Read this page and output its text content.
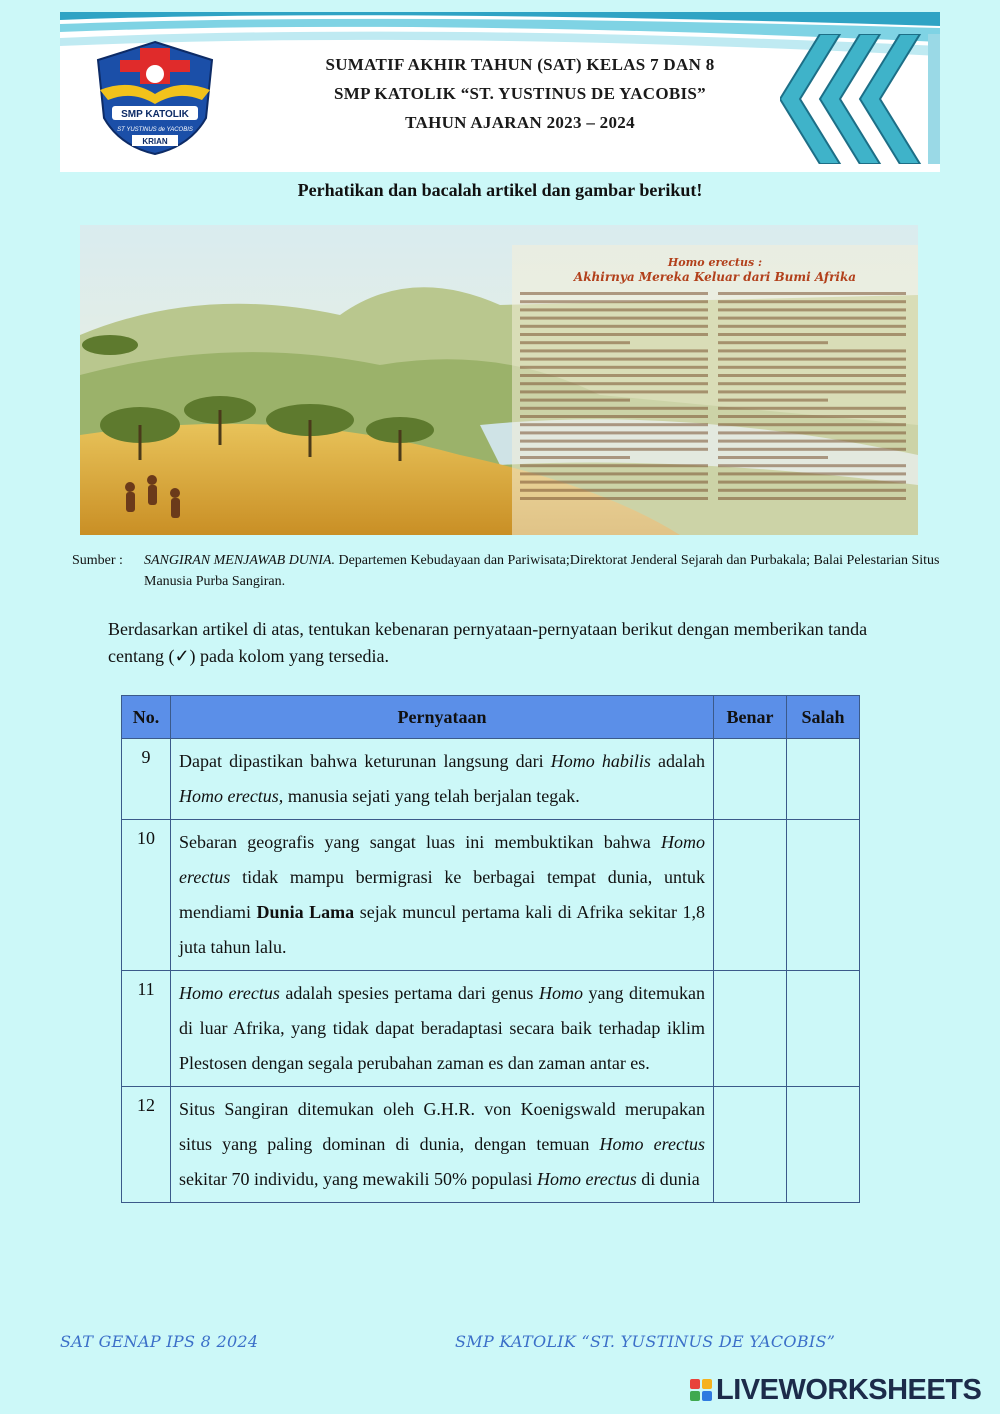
SMP KATOLIK
ST YUSTINUS de YACOBIS
KRIAN
SUMATIF AKHIR TAHUN (SAT) KELAS 7 DAN 8
SMP KATOLIK “ST. YUSTINUS DE YACOBIS”
TAHUN AJARAN 2023 – 2024
Perhatikan dan bacalah artikel dan gambar berikut!
Homo erectus :
Akhirnya Mereka Keluar dari Bumi Afrika
Sumber : SANGIRAN MENJAWAB DUNIA. Departemen Kebudayaan dan Pariwisata;Direktorat Jenderal Sejarah dan Purbakala; Balai Pelestarian Situs Manusia Purba Sangiran.
Berdasarkan artikel di atas, tentukan kebenaran pernyataan-pernyataan berikut dengan memberikan tanda centang (✓) pada kolom yang tersedia.
No.	Pernyataan	Benar	Salah
9	Dapat dipastikan bahwa keturunan langsung dari Homo habilis adalah Homo erectus, manusia sejati yang telah berjalan tegak.		
10	Sebaran geografis yang sangat luas ini membuktikan bahwa Homo erectus tidak mampu bermigrasi ke berbagai tempat dunia, untuk mendiami Dunia Lama sejak muncul pertama kali di Afrika sekitar 1,8 juta tahun lalu.		
11	Homo erectus adalah spesies pertama dari genus Homo yang ditemukan di luar Afrika, yang tidak dapat beradaptasi secara baik terhadap iklim Plestosen dengan segala perubahan zaman es dan zaman antar es.		
12	Situs Sangiran ditemukan oleh G.H.R. von Koenigswald merupakan situs yang paling dominan di dunia, dengan temuan Homo erectus sekitar 70 individu, yang mewakili 50% populasi Homo erectus di dunia		
SAT GENAP IPS 8 2024	SMP KATOLIK “ST. YUSTINUS DE YACOBIS”
LIVEWORKSHEETS
